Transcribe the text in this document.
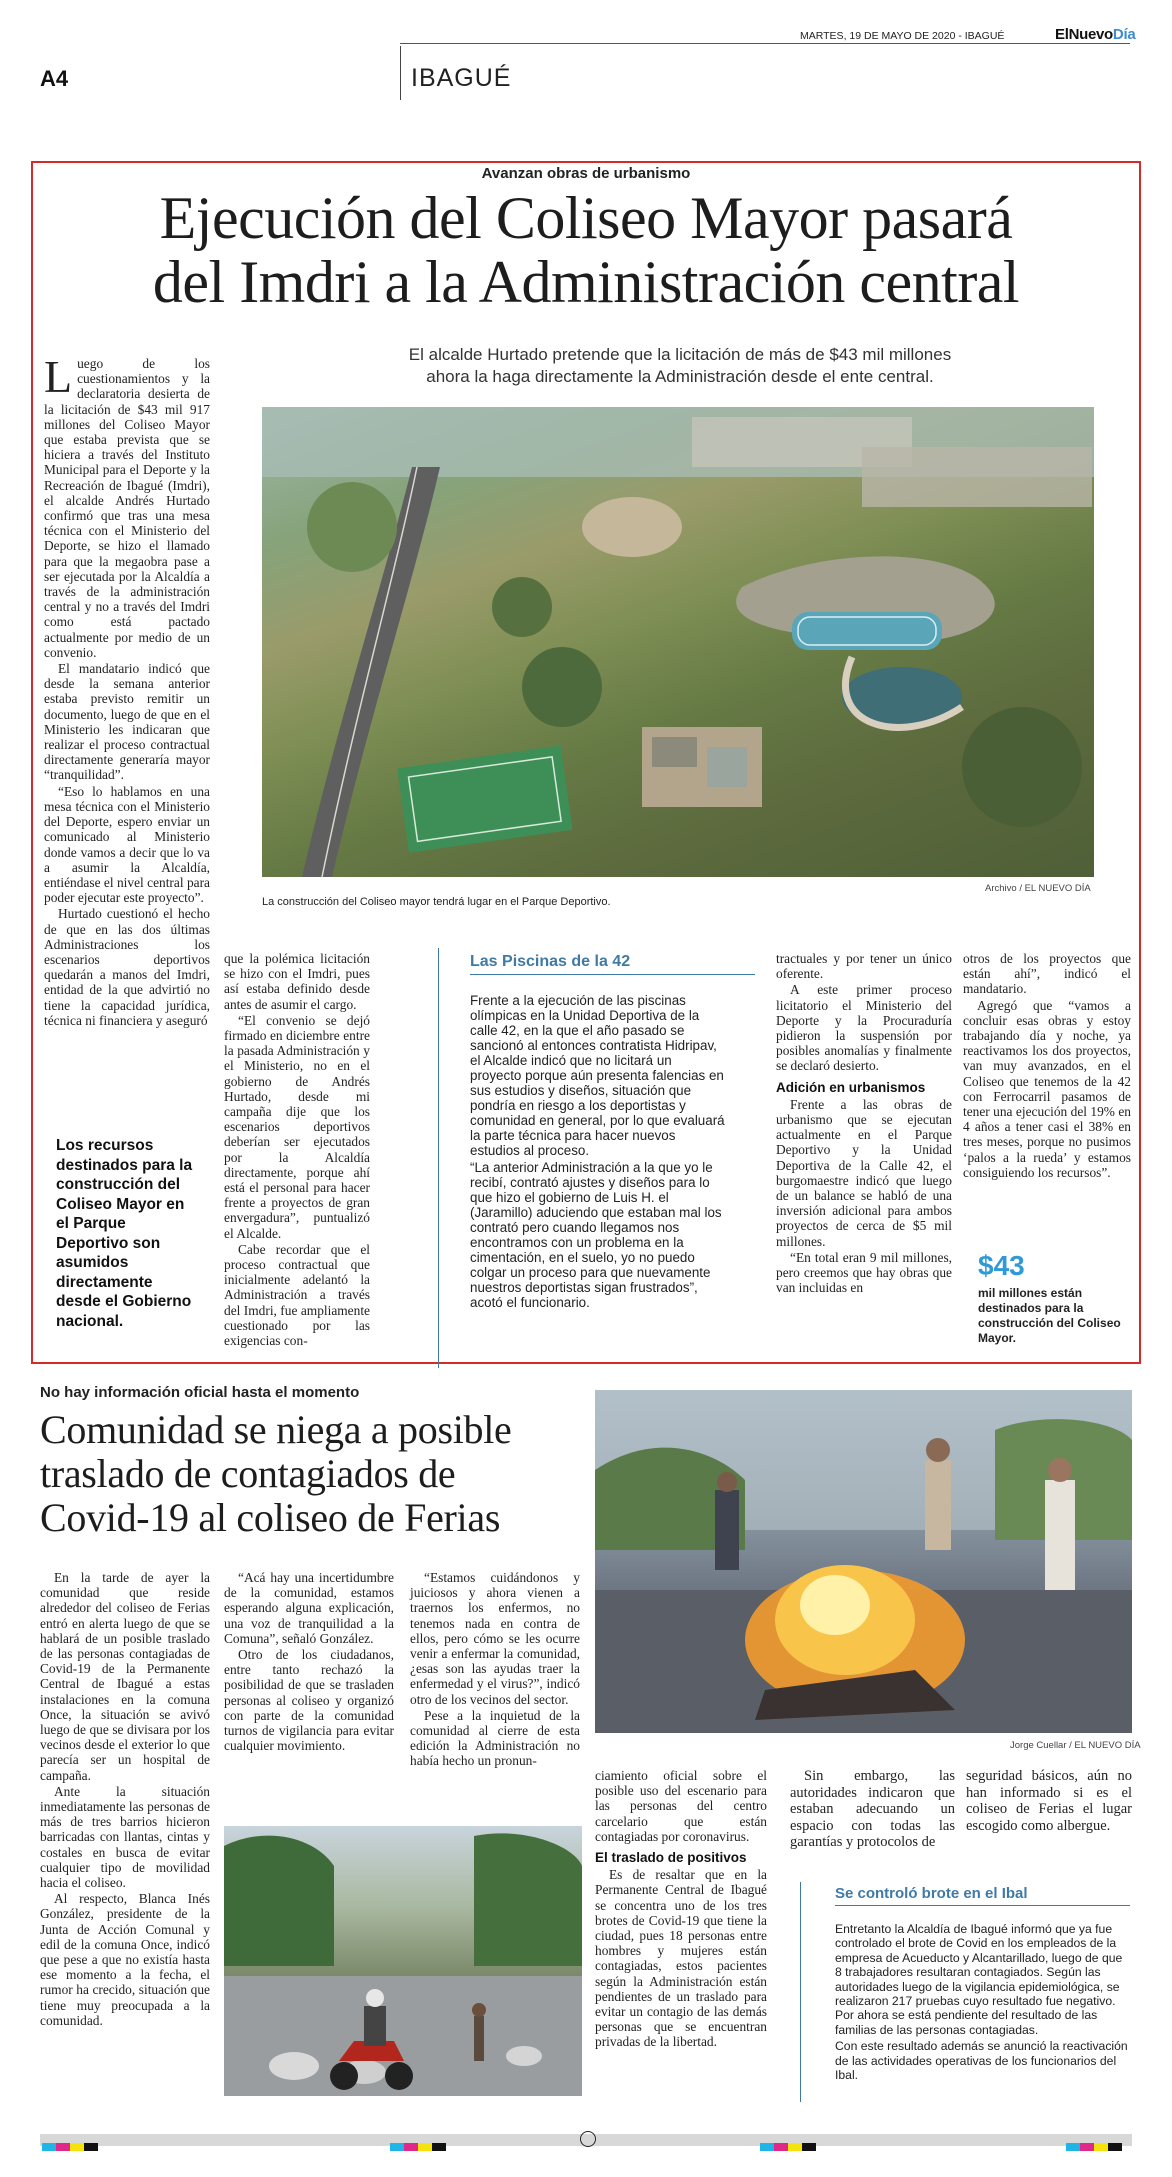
MARTES, 19 DE MAYO DE 2020 - IBAGUÉ	ElNuevoDía
A4	IBAGUÉ
Avanzan obras de urbanismo
Ejecución del Coliseo Mayor pasará
del Imdri a la Administración central
El alcalde Hurtado pretende que la licitación de más de $43 mil millones
ahora la haga directamente la Administración desde el ente central.
Archivo / EL NUEVO DÍA
La construcción del Coliseo mayor tendrá lugar en el Parque Deportivo.

Luego de los cuestionamientos y la declaratoria desierta de la licitación de $43 mil 917 millones del Coliseo Mayor que estaba prevista que se hiciera a través del Instituto Municipal para el Deporte y la Recreación de Ibagué (Imdri), el alcalde Andrés Hurtado confirmó que tras una mesa técnica con el Ministerio del Deporte, se hizo el llamado para que la megaobra pase a ser ejecutada por la Alcaldía a través de la administración central y no a través del Imdri como está pactado actualmente por medio de un convenio.

El mandatario indicó que desde la semana anterior estaba previsto remitir un documento, luego de que en el Ministerio les indicaran que realizar el proceso contractual directamente generaría mayor “tranquilidad”.

“Eso lo hablamos en una mesa técnica con el Ministerio del Deporte, espero enviar un comunicado al Ministerio donde vamos a decir que lo va a asumir la Alcaldía, entiéndase el nivel central para poder ejecutar este proyecto”.

Hurtado cuestionó el hecho de que en las dos últimas Administraciones los escenarios deportivos quedarán a manos del Imdri, entidad de la que advirtió no tiene la capacidad jurídica, técnica ni financiera y aseguró

Los recursos destinados para la construcción del Coliseo Mayor en el Parque Deportivo son asumidos directamente desde el Gobierno nacional.

que la polémica licitación se hizo con el Imdri, pues así estaba definido desde antes de asumir el cargo.

“El convenio se dejó firmado en diciembre entre la pasada Administración y el Ministerio, no en el gobierno de Andrés Hurtado, desde mi campaña dije que los escenarios deportivos deberían ser ejecutados por la Alcaldía directamente, porque ahí está el personal para hacer frente a proyectos de gran envergadura”, puntualizó el Alcalde.

Cabe recordar que el proceso contractual que inicialmente adelantó la Administración a través del Imdri, fue ampliamente cuestionado por las exigencias con-

Las Piscinas de la 42

Frente a la ejecución de las piscinas olímpicas en la Unidad Deportiva de la calle 42, en la que el año pasado se sancionó al entonces contratista Hidripav, el Alcalde indicó que no licitará un proyecto porque aún presenta falencias en sus estudios y diseños, situación que pondría en riesgo a los deportistas y comunidad en general, por lo que evaluará la parte técnica para hacer nuevos estudios al proceso.

“La anterior Administración a la que yo le recibí, contrató ajustes y diseños para lo que hizo el gobierno de Luis H. el (Jaramillo) aduciendo que estaban mal los contrató pero cuando llegamos nos encontramos con un problema en la cimentación, en el suelo, yo no puedo colgar un proceso para que nuevamente nuestros deportistas sigan frustrados”, acotó el funcionario.

tractuales y por tener un único oferente.

A este primer proceso licitatorio el Ministerio del Deporte y la Procuraduría pidieron la suspensión por posibles anomalías y finalmente se declaró desierto.

Adición en urbanismos

Frente a las obras de urbanismo que se ejecutan actualmente en el Parque Deportivo y la Unidad Deportiva de la Calle 42, el burgomaestre indicó que luego de un balance se habló de una inversión adicional para ambos proyectos de cerca de $5 mil millones.

“En total eran 9 mil millones, pero creemos que hay obras que van incluidas en

otros de los proyectos que están ahí”, indicó el mandatario.

Agregó que “vamos a concluir esas obras y estoy trabajando día y noche, ya reactivamos los dos proyectos, van muy avanzados, en el Coliseo que tenemos de la 42 con Ferrocarril pasamos de tener una ejecución del 19% en 4 años a tener casi el 38% en tres meses, porque no pusimos ‘palos a la rueda’ y estamos consiguiendo los recursos”.

$43
mil millones están destinados para la construcción del Coliseo Mayor.
No hay información oficial hasta el momento
Comunidad se niega a posible
traslado de contagiados de
Covid-19 al coliseo de Ferias
Jorge Cuellar / EL NUEVO DÍA

En la tarde de ayer la comunidad que reside alrededor del coliseo de Ferias entró en alerta luego de que se hablará de un posible traslado de las personas contagiadas de Covid-19 de la Permanente Central de Ibagué a estas instalaciones en la comuna Once, la situación se avivó luego de que se divisara por los vecinos desde el exterior lo que parecía ser un hospital de campaña.

Ante la situación inmediatamente las personas de más de tres barrios hicieron barricadas con llantas, cintas y costales en busca de evitar cualquier tipo de movilidad hacia el coliseo.

Al respecto, Blanca Inés González, presidente de la Junta de Acción Comunal y edil de la comuna Once, indicó que pese a que no existía hasta ese momento a la fecha, el rumor ha crecido, situación que tiene muy preocupada a la comunidad.

“Acá hay una incertidumbre de la comunidad, estamos esperando alguna explicación, una voz de tranquilidad a la Comuna”, señaló González.

Otro de los ciudadanos, entre tanto rechazó la posibilidad de que se trasladen personas al coliseo y organizó con parte de la comunidad turnos de vigilancia para evitar cualquier movimiento.

“Estamos cuidándonos y juiciosos y ahora vienen a traernos los enfermos, no tenemos nada en contra de ellos, pero cómo se les ocurre venir a enfermar la comunidad, ¿esas son las ayudas traer la enfermedad y el virus?”, indicó otro de los vecinos del sector.

Pese a la inquietud de la comunidad al cierre de esta edición la Administración no había hecho un pronun-

ciamiento oficial sobre el posible uso del escenario para las personas del centro carcelario que están contagiadas por coronavirus.

El traslado de positivos

Es de resaltar que en la Permanente Central de Ibagué se concentra uno de los tres brotes de Covid-19 que tiene la ciudad, pues 18 personas entre hombres y mujeres están contagiadas, estos pacientes según la Administración están pendientes de un traslado para evitar un contagio de las demás personas que se encuentran privadas de la libertad.

Sin embargo, las autoridades indicaron que estaban adecuando un espacio con todas las garantías y protocolos de

seguridad básicos, aún no han informado si es el coliseo de Ferias el lugar escogido como albergue.

Se controló brote en el Ibal

Entretanto la Alcaldía de Ibagué informó que ya fue controlado el brote de Covid en los empleados de la empresa de Acueducto y Alcantarillado, luego de que 8 trabajadores resultaran contagiados. Según las autoridades luego de la vigilancia epidemiológica, se realizaron 217 pruebas cuyo resultado fue negativo. Por ahora se está pendiente del resultado de las familias de las personas contagiadas.

Con este resultado además se anunció la reactivación de las actividades operativas de los funcionarios del Ibal.
